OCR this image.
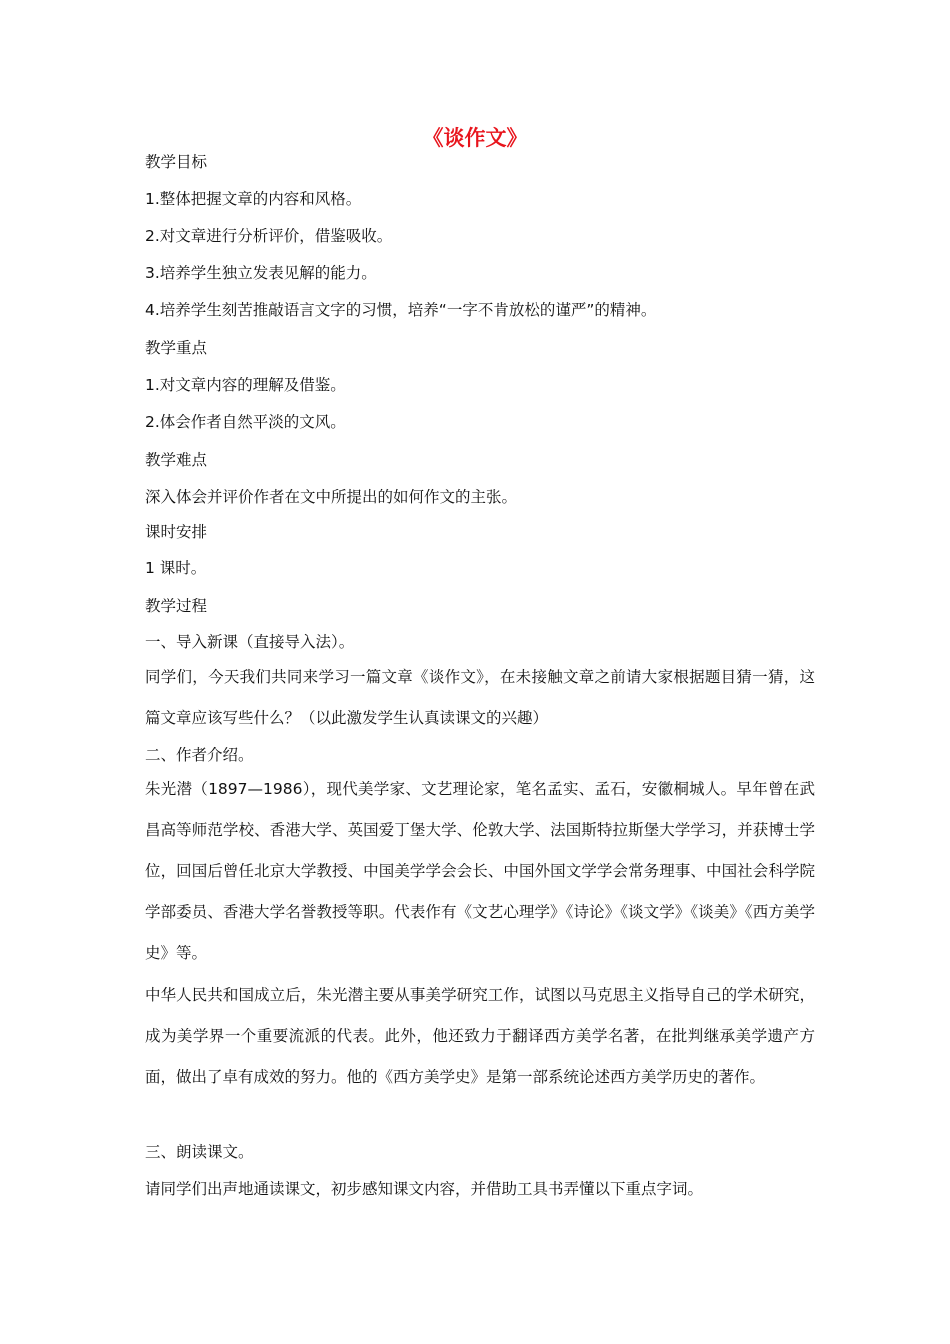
《谈作文》
教学目标
1.整体把握文章的内容和风格。
2.对文章进行分析评价，借鉴吸收。
3.培养学生独立发表见解的能力。
4.培养学生刻苦推敲语言文字的习惯，培养“一字不肯放松的谨严”的精神。
教学重点
1.对文章内容的理解及借鉴。
2.体会作者自然平淡的文风。
教学难点
深入体会并评价作者在文中所提出的如何作文的主张。
课时安排
1 课时。
教学过程
一、导入新课（直接导入法）。
同学们，今天我们共同来学习一篇文章《谈作文》，在未接触文章之前请大家根据题目猜一猜，这篇文章应该写些什么？（以此激发学生认真读课文的兴趣）
二、作者介绍。
朱光潜（1897—1986），现代美学家、文艺理论家，笔名孟实、孟石，安徽桐城人。早年曾在武昌高等师范学校、香港大学、英国爱丁堡大学、伦敦大学、法国斯特拉斯堡大学学习，并获博士学位，回国后曾任北京大学教授、中国美学学会会长、中国外国文学学会常务理事、中国社会科学院学部委员、香港大学名誉教授等职。代表作有《文艺心理学》《诗论》《谈文学》《谈美》《西方美学史》等。
中华人民共和国成立后，朱光潜主要从事美学研究工作，试图以马克思主义指导自己的学术研究，成为美学界一个重要流派的代表。此外，他还致力于翻译西方美学名著，在批判继承美学遗产方面，做出了卓有成效的努力。他的《西方美学史》是第一部系统论述西方美学历史的著作。
三、朗读课文。
请同学们出声地通读课文，初步感知课文内容，并借助工具书弄懂以下重点字词。
